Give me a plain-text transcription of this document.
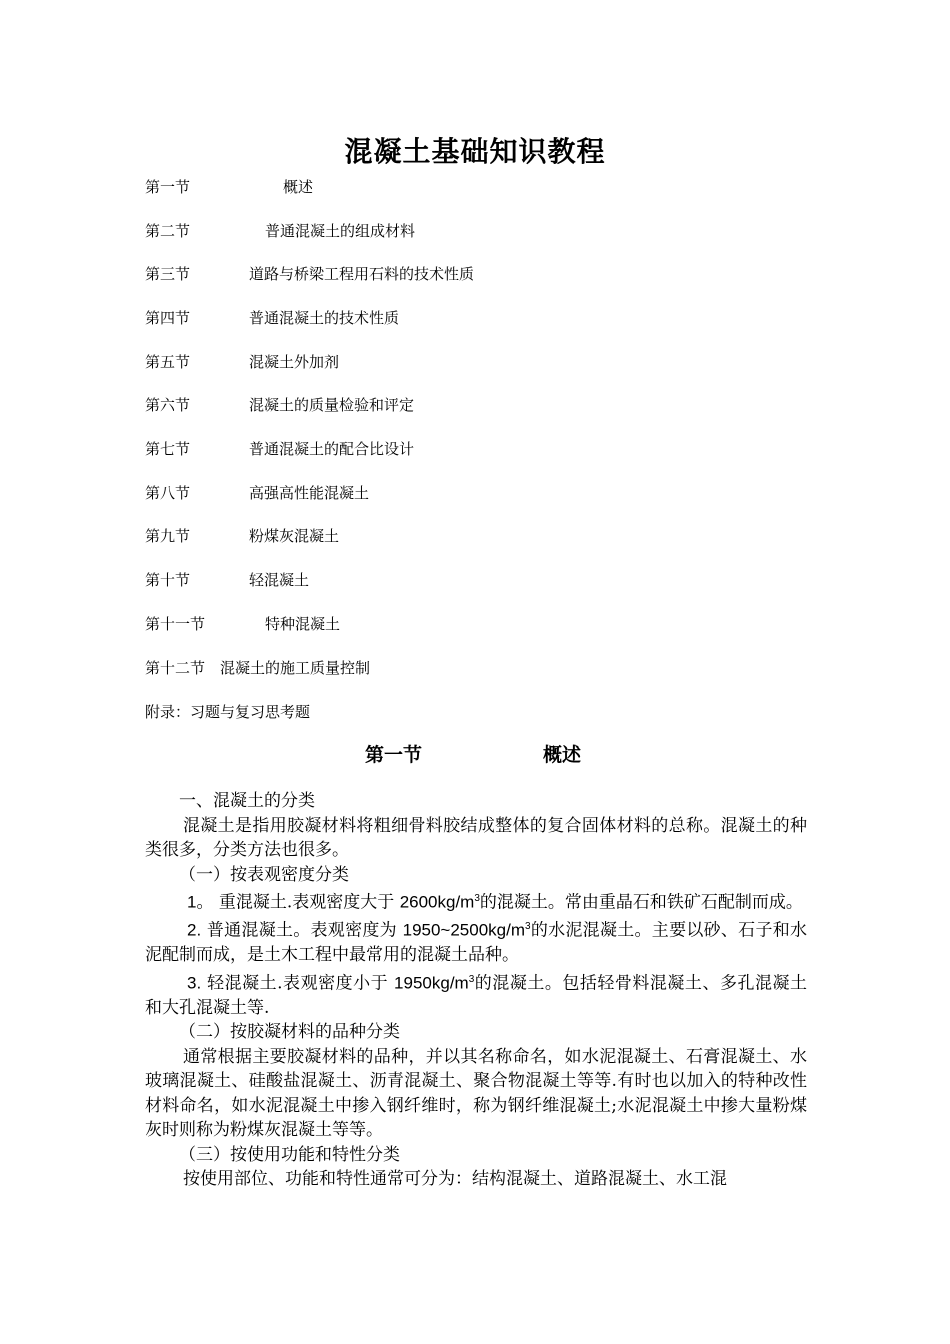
混凝土基础知识教程
第一节	概述
第二节	普通混凝土的组成材料
第三节	道路与桥梁工程用石料的技术性质
第四节	普通混凝土的技术性质
第五节	混凝土外加剂
第六节	混凝土的质量检验和评定
第七节	普通混凝土的配合比设计
第八节	高强高性能混凝土
第九节	粉煤灰混凝土
第十节	轻混凝土
第十一节	特种混凝土
第十二节 混凝土的施工质量控制
附录：习题与复习思考题
第一节	概述

一、混凝土的分类

混凝土是指用胶凝材料将粗细骨料胶结成整体的复合固体材料的总称。混凝土的种类很多，分类方法也很多。

（一）按表观密度分类

1。 重混凝土.表观密度大于 $2600kg/m^3$的混凝土。常由重晶石和铁矿石配制而成。

2. 普通混凝土。表观密度为 $1950\sim 2500kg/m^3$的水泥混凝土。主要以砂、石子和水泥配制而成，是土木工程中最常用的混凝土品种。

3. 轻混凝土.表观密度小于 $1950kg/m^3$的混凝土。包括轻骨料混凝土、多孔混凝土和大孔混凝土等.

（二）按胶凝材料的品种分类

通常根据主要胶凝材料的品种，并以其名称命名，如水泥混凝土、石膏混凝土、水玻璃混凝土、硅酸盐混凝土、沥青混凝土、聚合物混凝土等等.有时也以加入的特种改性材料命名，如水泥混凝土中掺入钢纤维时，称为钢纤维混凝土;水泥混凝土中掺大量粉煤灰时则称为粉煤灰混凝土等等。

（三）按使用功能和特性分类

按使用部位、功能和特性通常可分为：结构混凝土、道路混凝土、水工混
